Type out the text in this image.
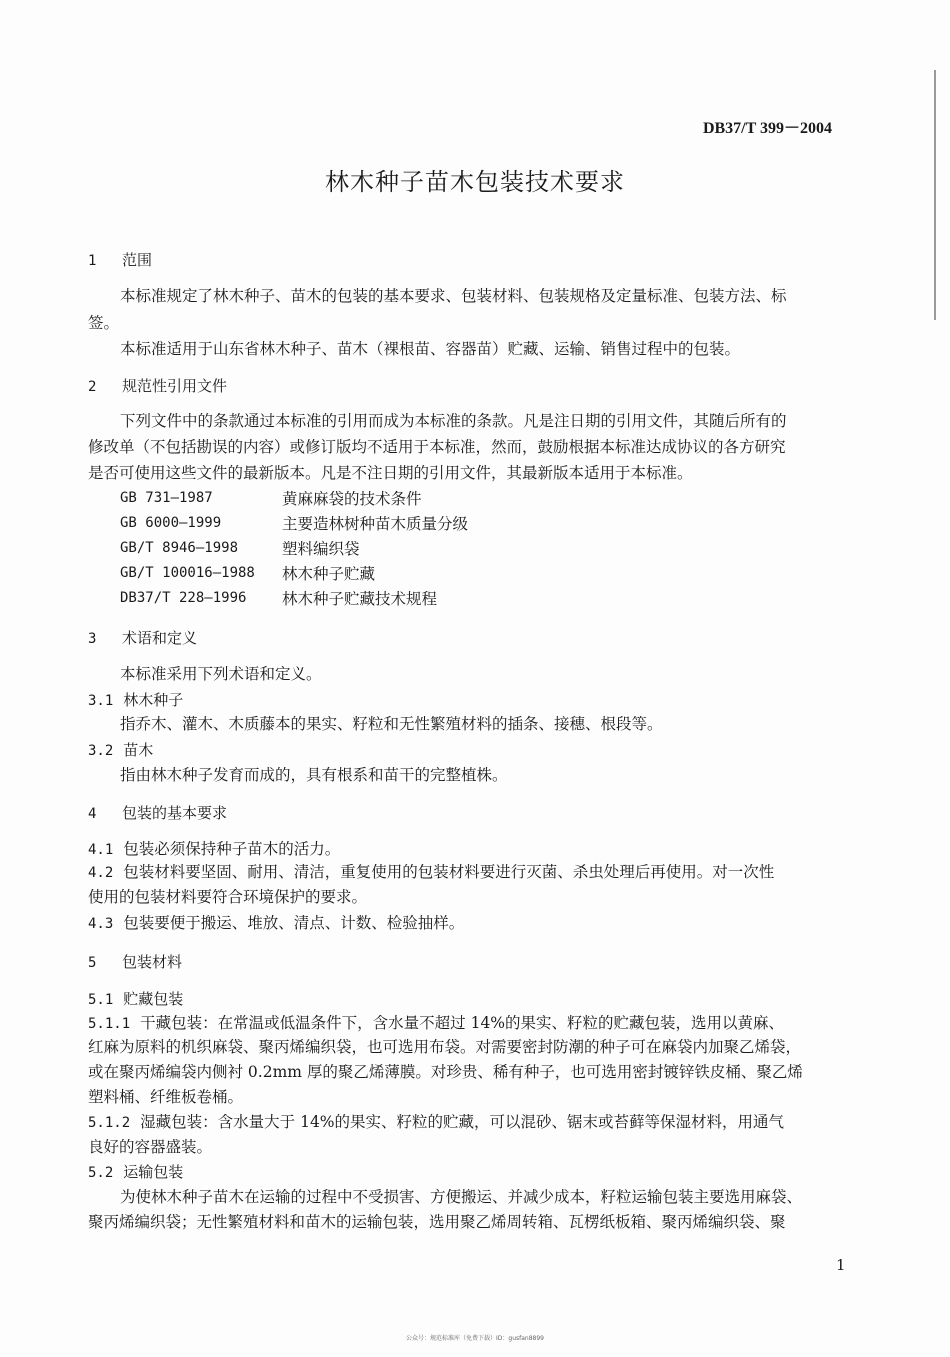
DB37/T 399－2004
林木种子苗木包装技术要求
1 范围
本标准规定了林木种子、苗木的包装的基本要求、包装材料、包装规格及定量标准、包装方法、标
签。
本标准适用于山东省林木种子、苗木（裸根苗、容器苗）贮藏、运输、销售过程中的包装。
2 规范性引用文件
下列文件中的条款通过本标准的引用而成为本标准的条款。凡是注日期的引用文件，其随后所有的
修改单（不包括勘误的内容）或修订版均不适用于本标准，然而，鼓励根据本标准达成协议的各方研究
是否可使用这些文件的最新版本。凡是不注日期的引用文件，其最新版本适用于本标准。
GB 731—1987	黄麻麻袋的技术条件
GB 6000—1999	主要造林树种苗木质量分级
GB/T 8946—1998	塑料编织袋
GB/T 100016—1988 林木种子贮藏
DB37/T 228—1996 林木种子贮藏技术规程
3 术语和定义
本标准采用下列术语和定义。
3.1 林木种子
指乔木、灌木、木质藤本的果实、籽粒和无性繁殖材料的插条、接穗、根段等。
3.2 苗木
指由林木种子发育而成的，具有根系和苗干的完整植株。
4 包装的基本要求
4.1 包装必须保持种子苗木的活力。
4.2 包装材料要坚固、耐用、清洁，重复使用的包装材料要进行灭菌、杀虫处理后再使用。对一次性
使用的包装材料要符合环境保护的要求。
4.3 包装要便于搬运、堆放、清点、计数、检验抽样。
5 包装材料
5.1 贮藏包装
5.1.1 干藏包装：在常温或低温条件下，含水量不超过 14%的果实、籽粒的贮藏包装，选用以黄麻、
红麻为原料的机织麻袋、聚丙烯编织袋，也可选用布袋。对需要密封防潮的种子可在麻袋内加聚乙烯袋，
或在聚丙烯编袋内侧衬 0.2mm 厚的聚乙烯薄膜。对珍贵、稀有种子，也可选用密封镀锌铁皮桶、聚乙烯
塑料桶、纤维板卷桶。
5.1.2 湿藏包装：含水量大于 14%的果实、籽粒的贮藏，可以混砂、锯末或苔藓等保湿材料，用通气
良好的容器盛装。
5.2 运输包装
为使林木种子苗木在运输的过程中不受损害、方便搬运、并减少成本，籽粒运输包装主要选用麻袋、
聚丙烯编织袋；无性繁殖材料和苗木的运输包装，选用聚乙烯周转箱、瓦楞纸板箱、聚丙烯编织袋、聚
1
公众号：规范标准库（免费下载）ID：gusfan8899
